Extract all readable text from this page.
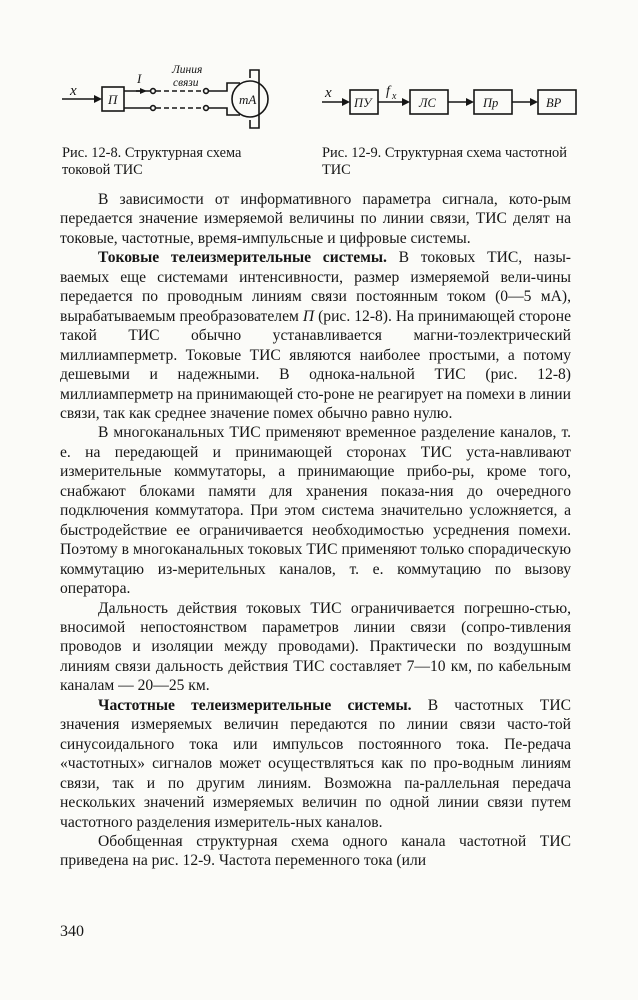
x
П
I
Линия связи
mA	x	f x
ПУ	ЛС	Пр	ВР
Рис. 12-8. Структурная схема токовой ТИС
Рис. 12-9. Структурная схема частотной ТИС

В зависимости от информативного параметра сигнала, кото-рым передается значение измеряемой величины по линии связи, ТИС делят на токовые, частотные, время-импульсные и цифровые системы.

Токовые телеизмерительные системы. В токовых ТИС, назы-ваемых еще системами интенсивности, размер измеряемой вели-чины передается по проводным линиям связи постоянным током (0—5 мА), вырабатываемым преобразователем П (рис. 12-8). На принимающей стороне такой ТИС обычно устанавливается магни-тоэлектрический миллиамперметр. Токовые ТИС являются наиболее простыми, а потому дешевыми и надежными. В однока-нальной ТИС (рис. 12-8) миллиамперметр на принимающей сто-роне не реагирует на помехи в линии связи, так как среднее значение помех обычно равно нулю.

В многоканальных ТИС применяют временное разделение каналов, т. е. на передающей и принимающей сторонах ТИС уста-навливают измерительные коммутаторы, а принимающие прибо-ры, кроме того, снабжают блоками памяти для хранения показа-ния до очередного подключения коммутатора. При этом система значительно усложняется, а быстродействие ее ограничивается необходимостью усреднения помехи. Поэтому в многоканальных токовых ТИС применяют только спорадическую коммутацию из-мерительных каналов, т. е. коммутацию по вызову оператора.

Дальность действия токовых ТИС ограничивается погрешно-стью, вносимой непостоянством параметров линии связи (сопро-тивления проводов и изоляции между проводами). Практически по воздушным линиям связи дальность действия ТИС составляет 7—10 км, по кабельным каналам — 20—25 км.

Частотные телеизмерительные системы. В частотных ТИС значения измеряемых величин передаются по линии связи часто-той синусоидального тока или импульсов постоянного тока. Пе-редача «частотных» сигналов может осуществляться как по про-водным линиям связи, так и по другим линиям. Возможна па-раллельная передача нескольких значений измеряемых величин по одной линии связи путем частотного разделения измеритель-ных каналов.

Обобщенная структурная схема одного канала частотной ТИС приведена на рис. 12-9. Частота переменного тока (или

340
